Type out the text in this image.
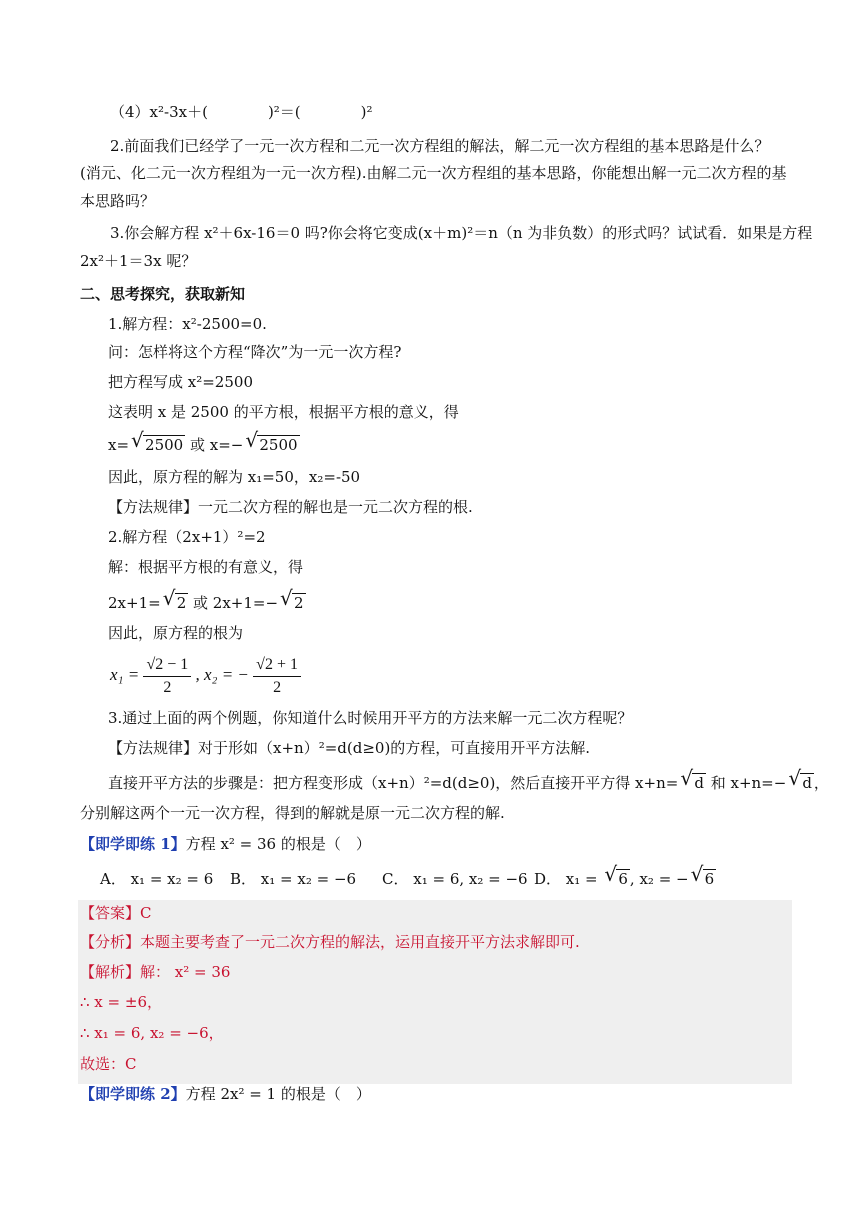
（4）x²-3x＋(　　　　)²＝(　　　　)²
2.前面我们已经学了一元一次方程和二元一次方程组的解法，解二元一次方程组的基本思路是什么？
(消元、化二元一次方程组为一元一次方程).由解二元一次方程组的基本思路，你能想出解一元二次方程的基
本思路吗？
3.你会解方程 x²＋6x-16＝0 吗?你会将它变成(x＋m)²＝n（n 为非负数）的形式吗？试试看．如果是方程
2x²＋1＝3x 呢？
二、思考探究，获取新知
1.解方程：x²-2500=0.
问：怎样将这个方程“降次”为一元一次方程?
把方程写成 x²=2500
这表明 x 是 2500 的平方根，根据平方根的意义，得
x= √ 2500 或 x=− √ 2500
因此，原方程的解为 x₁=50，x₂=-50
【方法规律】一元二次方程的解也是一元二次方程的根.
2.解方程（2x+1）²=2
解：根据平方根的有意义，得
2x+1= √ 2 或 2x+1=− √ 2
因此，原方程的根为
$x_1 = \frac{√2 - 1}{2}$ , x₂ = − $\frac{√2 + 1}{2}$
3.通过上面的两个例题，你知道什么时候用开平方的方法来解一元二次方程呢？
【方法规律】对于形如（x+n）²=d(d≥0)的方程，可直接用开平方法解.
直接开平方法的步骤是：把方程变形成（x+n）²=d(d≥0)，然后直接开平方得 x+n= √ d 和 x+n=− √ d ，
分别解这两个一元一次方程，得到的解就是原一元二次方程的解.
【即学即练 1】方程 x² = 36 的根是（　）
A． x₁ = x₂ = 6 B． x₁ = x₂ = −6 C． x₁ = 6, x₂ = −6 D． x₁ = √ 6 , x₂ = − √ 6
【答案】C
【分析】本题主要考查了一元二次方程的解法，运用直接开平方法求解即可.
【解析】解： x² = 36
∴ x = ±6，
∴ x₁ = 6, x₂ = −6，
故选：C
【即学即练 2】方程 2x² = 1 的根是（　）
